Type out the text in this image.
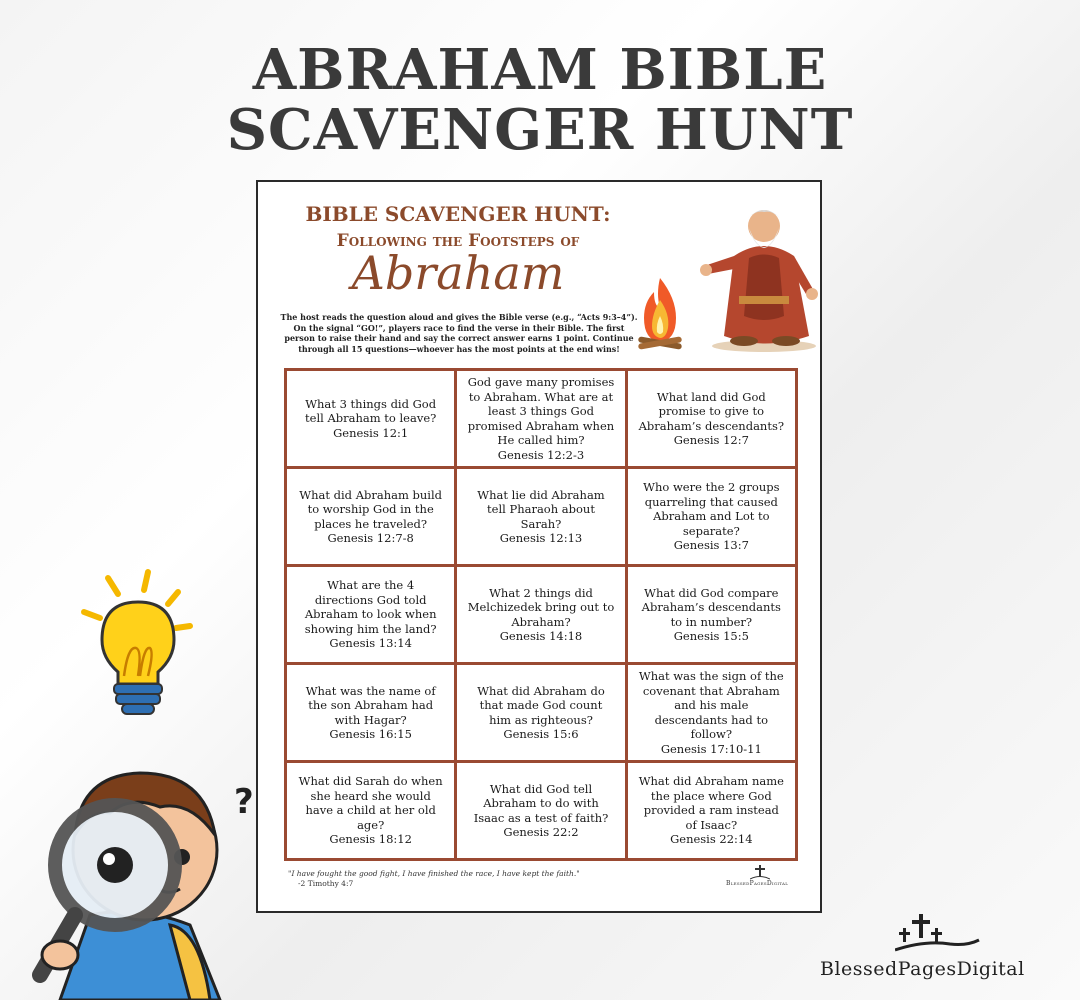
ABRAHAM BIBLE
SCAVENGER HUNT
BIBLE SCAVENGER HUNT:
Following the Footsteps of
Abraham
The host reads the question aloud and gives the Bible verse (e.g., “Acts 9:3–4”). On the signal “GO!”, players race to find the verse in their Bible. The first person to raise their hand and say the correct answer earns 1 point. Continue through all 15 questions—whoever has the most points at the end wins!
What 3 things did God tell Abraham to leave?
Genesis 12:1
God gave many promises to Abraham. What are at least 3 things God promised Abraham when He called him?
Genesis 12:2-3
What land did God promise to give to Abraham’s descendants?
Genesis 12:7
What did Abraham build to worship God in the places he traveled?
Genesis 12:7-8
What lie did Abraham tell Pharaoh about Sarah?
Genesis 12:13
Who were the 2 groups quarreling that caused Abraham and Lot to separate?
Genesis 13:7
What are the 4 directions God told Abraham to look when showing him the land?
Genesis 13:14
What 2 things did Melchizedek bring out to Abraham?
Genesis 14:18
What did God compare Abraham’s descendants to in number?
Genesis 15:5
What was the name of the son Abraham had with Hagar?
Genesis 16:15
What did Abraham do that made God count him as righteous?
Genesis 15:6
What was the sign of the covenant that Abraham and his male descendants had to follow?
Genesis 17:10-11
What did Sarah do when she heard she would have a child at her old age?
Genesis 18:12
What did God tell Abraham to do with Isaac as a test of faith?
Genesis 22:2
What did Abraham name the place where God provided a ram instead of Isaac?
Genesis 22:14
"I have fought the good fight, I have finished the race, I have kept the faith."
-2 Timothy 4:7	BlessedPagesDigital
?
BlessedPagesDigital
